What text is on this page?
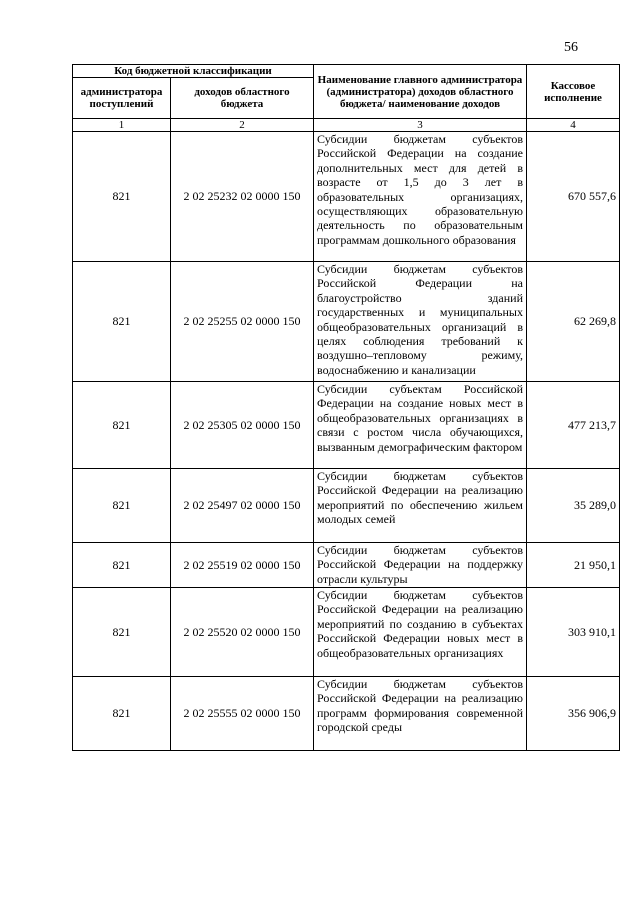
56
Код бюджетной классификации		Наименование главного администратора (администратора) доходов областного бюджета/ наименование доходов	Кассовое исполнение
администратора поступлений	доходов областного бюджета		
1	2	3	4
821	2 02 25232 02 0000 150	Субсидии бюджетам субъектов Российской Федерации на создание дополнительных мест для детей в возрасте от 1,5 до 3 лет в образовательных организациях, осуществляющих образовательную деятельность по образовательным программам дошкольного образования	670 557,6
821	2 02 25255 02 0000 150	Субсидии бюджетам субъектов Российской Федерации на благоустройство зданий государственных и муниципальных общеобразовательных организаций в целях соблюдения требований к воздушно–тепловому режиму, водоснабжению и канализации	62 269,8
821	2 02 25305 02 0000 150	Субсидии субъектам Российской Федерации на создание новых мест в общеобразовательных организациях в связи с ростом числа обучающихся, вызванным демографическим фактором	477 213,7
821	2 02 25497 02 0000 150	Субсидии бюджетам субъектов Российской Федерации на реализацию мероприятий по обеспечению жильем молодых семей	35 289,0
821	2 02 25519 02 0000 150	Субсидии бюджетам субъектов Российской Федерации на поддержку отрасли культуры	21 950,1
821	2 02 25520 02 0000 150	Субсидии бюджетам субъектов Российской Федерации на реализацию мероприятий по созданию в субъектах Российской Федерации новых мест в общеобразовательных организациях	303 910,1
821	2 02 25555 02 0000 150	Субсидии бюджетам субъектов Российской Федерации на реализацию программ формирования современной городской среды	356 906,9
